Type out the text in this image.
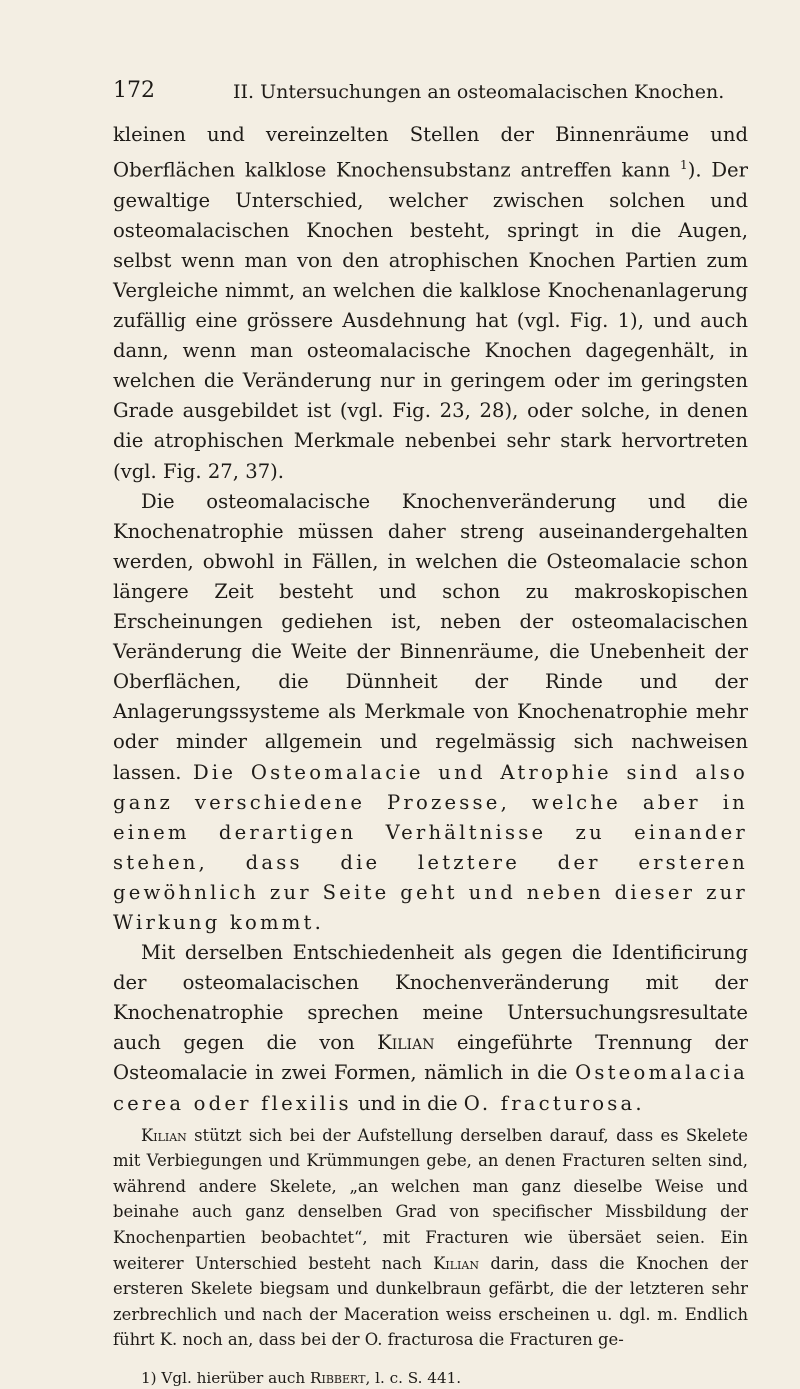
172	II. Untersuchungen an osteomalacischen Knochen.

kleinen und vereinzelten Stellen der Binnenräume und Oberflächen kalklose Knochensubstanz antreffen kann $^1$). Der gewaltige Unterschied, welcher zwischen solchen und osteomalacischen Knochen besteht, springt in die Augen, selbst wenn man von den atrophischen Knochen Partien zum Vergleiche nimmt, an welchen die kalklose Knochenanlagerung zufällig eine grössere Ausdehnung hat (vgl. Fig. 1), und auch dann, wenn man osteomalacische Knochen dagegenhält, in welchen die Veränderung nur in geringem oder im geringsten Grade ausgebildet ist (vgl. Fig. 23, 28), oder solche, in denen die atrophischen Merkmale nebenbei sehr stark hervortreten (vgl. Fig. 27, 37).

Die osteomalacische Knochenveränderung und die Knochenatrophie müssen daher streng auseinandergehalten werden, obwohl in Fällen, in welchen die Osteomalacie schon längere Zeit besteht und schon zu makroskopischen Erscheinungen gediehen ist, neben der osteomalacischen Veränderung die Weite der Binnenräume, die Unebenheit der Oberflächen, die Dünnheit der Rinde und der Anlagerungssysteme als Merkmale von Knochenatrophie mehr oder minder allgemein und regelmässig sich nachweisen lassen. Die Osteomalacie und Atrophie sind also ganz verschiedene Prozesse, welche aber in einem derartigen Verhältnisse zu einander stehen, dass die letztere der ersteren gewöhnlich zur Seite geht und neben dieser zur Wirkung kommt.

Mit derselben Entschiedenheit als gegen die Identificirung der osteomalacischen Knochenveränderung mit der Knochenatrophie sprechen meine Untersuchungsresultate auch gegen die von Kilian eingeführte Trennung der Osteomalacie in zwei Formen, nämlich in die Osteomalacia cerea oder flexilis und in die O. fracturosa.

Kilian stützt sich bei der Aufstellung derselben darauf, dass es Skelete mit Verbiegungen und Krümmungen gebe, an denen Fracturen selten sind, während andere Skelete, „an welchen man ganz dieselbe Weise und beinahe auch ganz denselben Grad von specifischer Missbildung der Knochenpartien beobachtet“, mit Fracturen wie übersäet seien. Ein weiterer Unterschied besteht nach Kilian darin, dass die Knochen der ersteren Skelete biegsam und dunkelbraun gefärbt, die der letzteren sehr zerbrechlich und nach der Maceration weiss erscheinen u. dgl. m. Endlich führt K. noch an, dass bei der O. fracturosa die Fracturen ge-

1) Vgl. hierüber auch Ribbert, l. c. S. 441.
